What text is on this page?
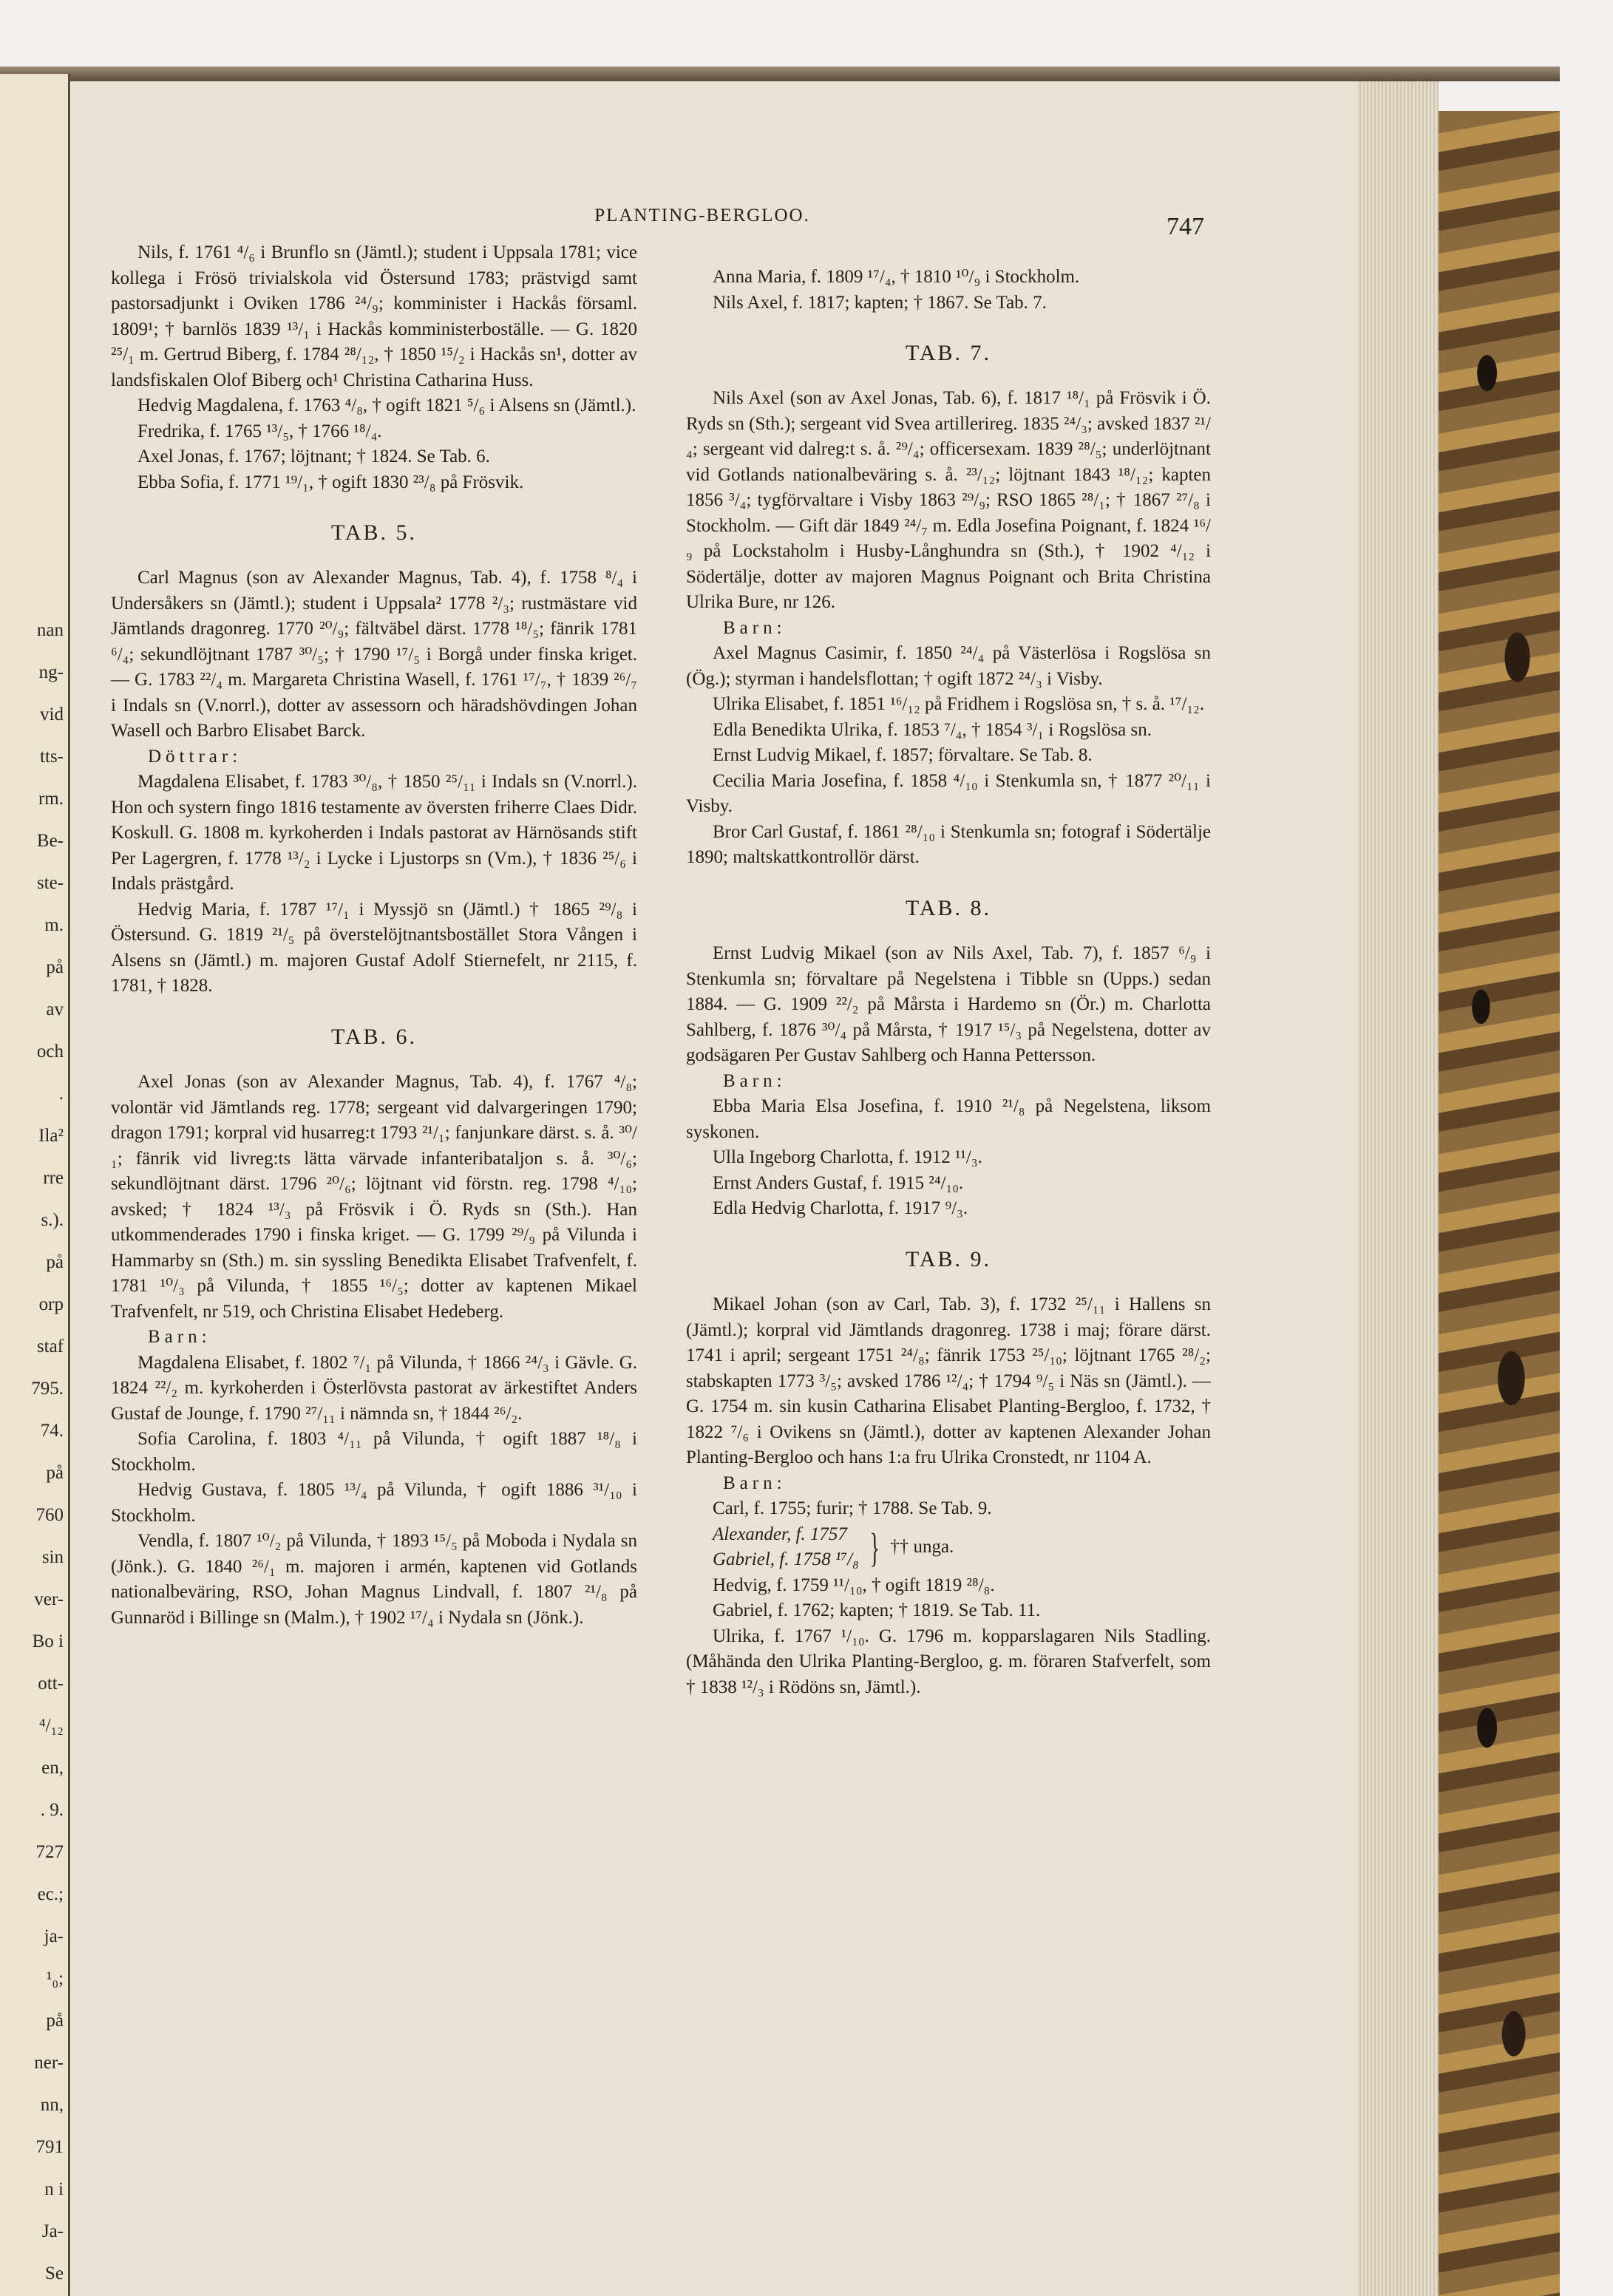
nan
ng-
vid
tts-
rm.
Be-
ste-
m.
på
av
och
.
Ila²
rre
s.).
på
orp
staf
795.
74.
på
760
sin
ver-
Bo i
ott-
⁴/₁₂
en,
. 9.
727
ec.;
ja-
¹₀;
på
ner-
nn,
791
n i
Ja-
Se
PLANTING-BERGLOO.	747

Nils, f. 1761 ⁴/₆ i Brunflo sn (Jämtl.); student i Uppsala 1781; vice kollega i Frösö trivialskola vid Östersund 1783; prästvigd samt pastorsadjunkt i Oviken 1786 ²⁴/₉; komminister i Hackås församl. 1809¹; † barnlös 1839 ¹³/₁ i Hackås komministerboställe. — G. 1820 ²⁵/₁ m. Gertrud Biberg, f. 1784 ²⁸/₁₂, † 1850 ¹⁵/₂ i Hackås sn¹, dotter av landsfiskalen Olof Biberg och¹ Christina Catharina Huss.

Hedvig Magdalena, f. 1763 ⁴/₈, † ogift 1821 ⁵/₆ i Alsens sn (Jämtl.).

Fredrika, f. 1765 ¹³/₅, † 1766 ¹⁸/₄.

Axel Jonas, f. 1767; löjtnant; † 1824. Se Tab. 6.

Ebba Sofia, f. 1771 ¹⁹/₁, † ogift 1830 ²³/₈ på Frösvik.

TAB. 5.

Carl Magnus (son av Alexander Magnus, Tab. 4), f. 1758 ⁸/₄ i Undersåkers sn (Jämtl.); student i Uppsala² 1778 ²/₃; rustmästare vid Jämtlands dragonreg. 1770 ²⁰/₉; fältväbel därst. 1778 ¹⁸/₅; fänrik 1781 ⁶/₄; sekundlöjtnant 1787 ³⁰/₅; † 1790 ¹⁷/₅ i Borgå under finska kriget. — G. 1783 ²²/₄ m. Margareta Christina Wasell, f. 1761 ¹⁷/₇, † 1839 ²⁶/₇ i Indals sn (V.norrl.), dotter av assessorn och häradshövdingen Johan Wasell och Barbro Elisabet Barck.

Döttrar:

Magdalena Elisabet, f. 1783 ³⁰/₈, † 1850 ²⁵/₁₁ i Indals sn (V.norrl.). Hon och systern fingo 1816 testamente av översten friherre Claes Didr. Koskull. G. 1808 m. kyrkoherden i Indals pastorat av Härnösands stift Per Lagergren, f. 1778 ¹³/₂ i Lycke i Ljustorps sn (Vm.), † 1836 ²⁵/₆ i Indals prästgård.

Hedvig Maria, f. 1787 ¹⁷/₁ i Myssjö sn (Jämtl.) † 1865 ²⁹/₈ i Östersund. G. 1819 ²¹/₅ på överstelöjtnantsbostället Stora Vången i Alsens sn (Jämtl.) m. majoren Gustaf Adolf Stiernefelt, nr 2115, f. 1781, † 1828.

TAB. 6.

Axel Jonas (son av Alexander Magnus, Tab. 4), f. 1767 ⁴/₈; volontär vid Jämtlands reg. 1778; sergeant vid dalvargeringen 1790; dragon 1791; korpral vid husarreg:t 1793 ²¹/₁; fanjunkare därst. s. å. ³⁰/₁; fänrik vid livreg:ts lätta värvade infanteribataljon s. å. ³⁰/₆; sekundlöjtnant därst. 1796 ²⁰/₆; löjtnant vid förstn. reg. 1798 ⁴/₁₀; avsked; † 1824 ¹³/₃ på Frösvik i Ö. Ryds sn (Sth.). Han utkommenderades 1790 i finska kriget. — G. 1799 ²⁹/₉ på Vilunda i Hammarby sn (Sth.) m. sin syssling Benedikta Elisabet Trafvenfelt, f. 1781 ¹⁰/₃ på Vilunda, † 1855 ¹⁶/₅; dotter av kaptenen Mikael Trafvenfelt, nr 519, och Christina Elisabet Hedeberg.

Barn:

Magdalena Elisabet, f. 1802 ⁷/₁ på Vilunda, † 1866 ²⁴/₃ i Gävle. G. 1824 ²²/₂ m. kyrkoherden i Österlövsta pastorat av ärkestiftet Anders Gustaf de Jounge, f. 1790 ²⁷/₁₁ i nämnda sn, † 1844 ²⁶/₂.

Sofia Carolina, f. 1803 ⁴/₁₁ på Vilunda, † ogift 1887 ¹⁸/₈ i Stockholm.

Hedvig Gustava, f. 1805 ¹³/₄ på Vilunda, † ogift 1886 ³¹/₁₀ i Stockholm.

Vendla, f. 1807 ¹⁰/₂ på Vilunda, † 1893 ¹⁵/₅ på Moboda i Nydala sn (Jönk.). G. 1840 ²⁶/₁ m. majoren i armén, kaptenen vid Gotlands nationalbeväring, RSO, Johan Magnus Lindvall, f. 1807 ²¹/₈ på Gunnaröd i Billinge sn (Malm.), † 1902 ¹⁷/₄ i Nydala sn (Jönk.).

Anna Maria, f. 1809 ¹⁷/₄, † 1810 ¹⁰/₉ i Stockholm.

Nils Axel, f. 1817; kapten; † 1867. Se Tab. 7.

TAB. 7.

Nils Axel (son av Axel Jonas, Tab. 6), f. 1817 ¹⁸/₁ på Frösvik i Ö. Ryds sn (Sth.); sergeant vid Svea artillerireg. 1835 ²⁴/₃; avsked 1837 ²¹/₄; sergeant vid dalreg:t s. å. ²⁹/₄; officersexam. 1839 ²⁸/₅; underlöjtnant vid Gotlands nationalbeväring s. å. ²³/₁₂; löjtnant 1843 ¹⁸/₁₂; kapten 1856 ³/₄; tygförvaltare i Visby 1863 ²⁹/₉; RSO 1865 ²⁸/₁; † 1867 ²⁷/₈ i Stockholm. — Gift där 1849 ²⁴/₇ m. Edla Josefina Poignant, f. 1824 ¹⁶/₉ på Lockstaholm i Husby-Långhundra sn (Sth.), † 1902 ⁴/₁₂ i Södertälje, dotter av majoren Magnus Poignant och Brita Christina Ulrika Bure, nr 126.

Barn:

Axel Magnus Casimir, f. 1850 ²⁴/₄ på Västerlösa i Rogslösa sn (Ög.); styrman i handelsflottan; † ogift 1872 ²⁴/₃ i Visby.

Ulrika Elisabet, f. 1851 ¹⁶/₁₂ på Fridhem i Rogslösa sn, † s. å. ¹⁷/₁₂.

Edla Benedikta Ulrika, f. 1853 ⁷/₄, † 1854 ³/₁ i Rogslösa sn.

Ernst Ludvig Mikael, f. 1857; förvaltare. Se Tab. 8.

Cecilia Maria Josefina, f. 1858 ⁴/₁₀ i Stenkumla sn, † 1877 ²⁰/₁₁ i Visby.

Bror Carl Gustaf, f. 1861 ²⁸/₁₀ i Stenkumla sn; fotograf i Södertälje 1890; maltskattkontrollör därst.

TAB. 8.

Ernst Ludvig Mikael (son av Nils Axel, Tab. 7), f. 1857 ⁶/₉ i Stenkumla sn; förvaltare på Negelstena i Tibble sn (Upps.) sedan 1884. — G. 1909 ²²/₂ på Mårsta i Hardemo sn (Ör.) m. Charlotta Sahlberg, f. 1876 ³⁰/₄ på Mårsta, † 1917 ¹⁵/₃ på Negelstena, dotter av godsägaren Per Gustav Sahlberg och Hanna Pettersson.

Barn:

Ebba Maria Elsa Josefina, f. 1910 ²¹/₈ på Negelstena, liksom syskonen.

Ulla Ingeborg Charlotta, f. 1912 ¹¹/₃.

Ernst Anders Gustaf, f. 1915 ²⁴/₁₀.

Edla Hedvig Charlotta, f. 1917 ⁹/₃.

TAB. 9.

Mikael Johan (son av Carl, Tab. 3), f. 1732 ²⁵/₁₁ i Hallens sn (Jämtl.); korpral vid Jämtlands dragonreg. 1738 i maj; förare därst. 1741 i april; sergeant 1751 ²⁴/₈; fänrik 1753 ²⁵/₁₀; löjtnant 1765 ²⁸/₂; stabskapten 1773 ³/₅; avsked 1786 ¹²/₄; † 1794 ⁹/₅ i Näs sn (Jämtl.). — G. 1754 m. sin kusin Catharina Elisabet Planting-Bergloo, f. 1732, † 1822 ⁷/₆ i Ovikens sn (Jämtl.), dotter av kaptenen Alexander Johan Planting-Bergloo och hans 1:a fru Ulrika Cronstedt, nr 1104 A.

Barn:

Carl, f. 1755; furir; † 1788. Se Tab. 9.

Alexander, f. 1757
Gabriel, f. 1758 ¹⁷/₈ } †† unga.

Hedvig, f. 1759 ¹¹/₁₀, † ogift 1819 ²⁸/₈.

Gabriel, f. 1762; kapten; † 1819. Se Tab. 11.

Ulrika, f. 1767 ¹/₁₀. G. 1796 m. kopparslagaren Nils Stadling. (Måhända den Ulrika Planting-Bergloo, g. m. föraren Stafverfelt, som † 1838 ¹²/₃ i Rödöns sn, Jämtl.).
